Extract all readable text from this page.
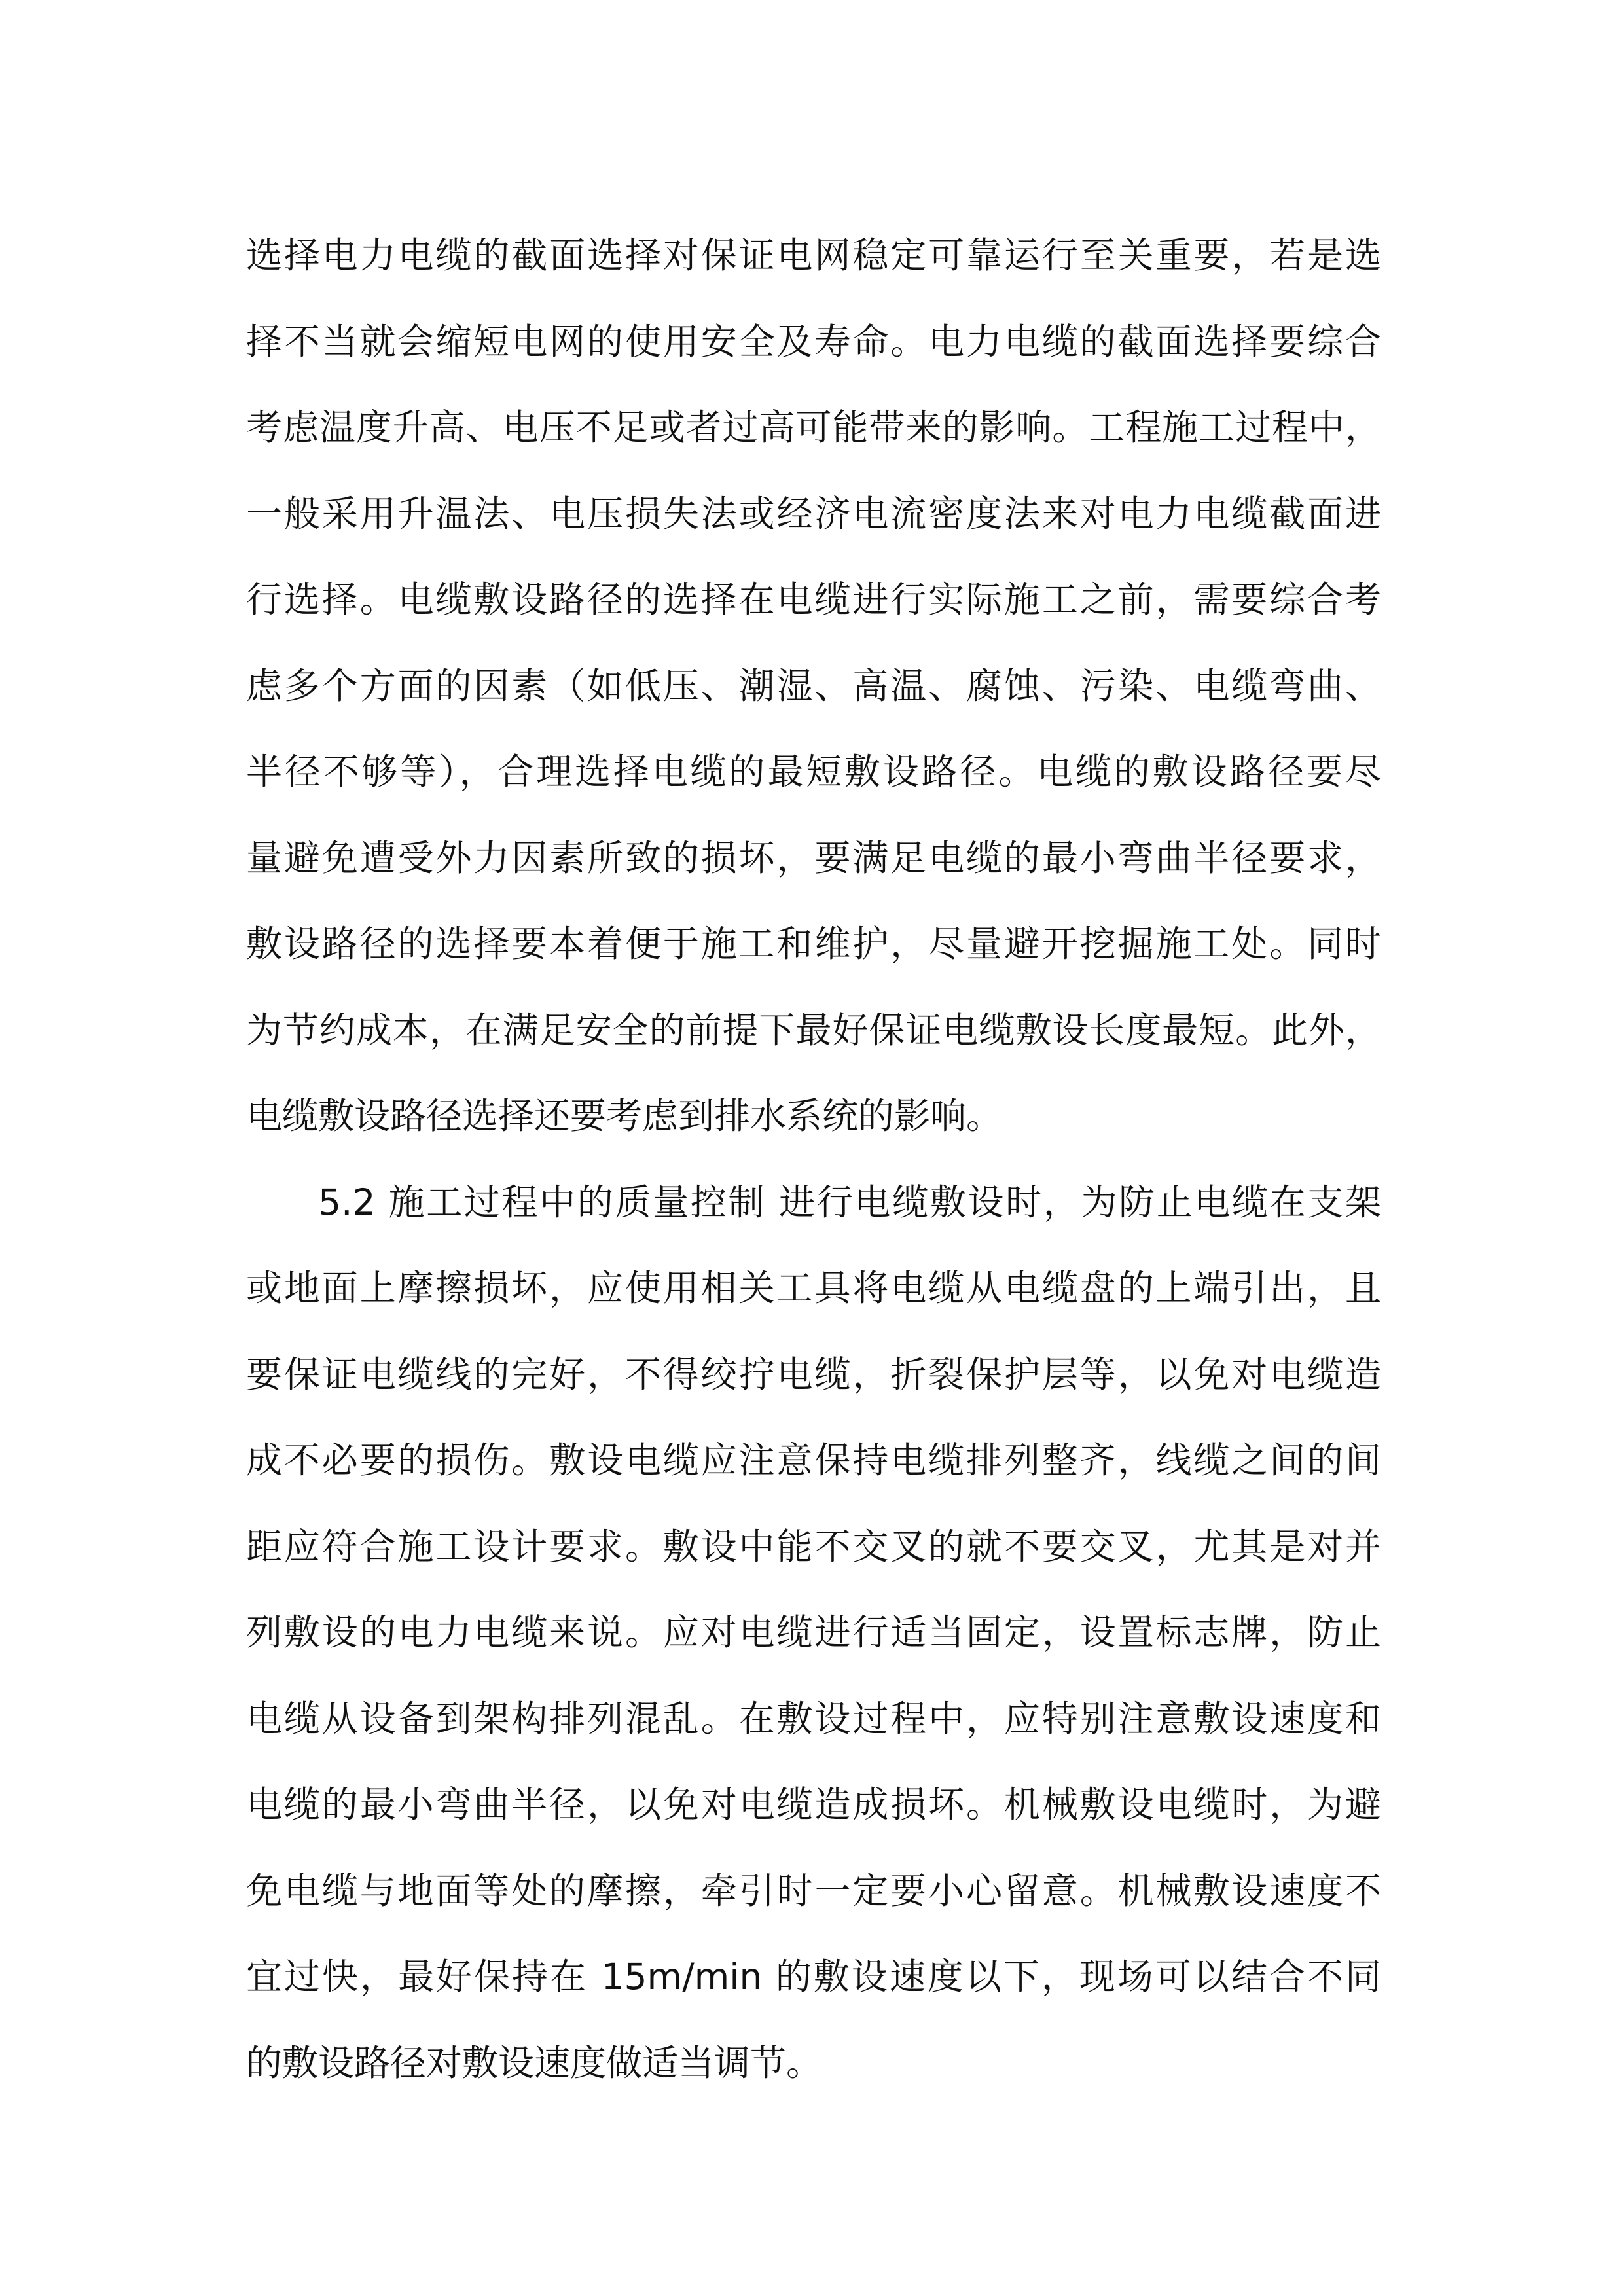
选择电力电缆的截面选择对保证电网稳定可靠运行至关重要，若是选
择不当就会缩短电网的使用安全及寿命。电力电缆的截面选择要综合
考虑温度升高、电压不足或者过高可能带来的影响。工程施工过程中，
一般采用升温法、电压损失法或经济电流密度法来对电力电缆截面进
行选择。电缆敷设路径的选择在电缆进行实际施工之前，需要综合考
虑多个方面的因素（如低压、潮湿、高温、腐蚀、污染、电缆弯曲、
半径不够等），合理选择电缆的最短敷设路径。电缆的敷设路径要尽
量避免遭受外力因素所致的损坏，要满足电缆的最小弯曲半径要求，
敷设路径的选择要本着便于施工和维护，尽量避开挖掘施工处。同时
为节约成本，在满足安全的前提下最好保证电缆敷设长度最短。此外，
电缆敷设路径选择还要考虑到排水系统的影响。
5.2 施工过程中的质量控制 进行电缆敷设时，为防止电缆在支架
或地面上摩擦损坏，应使用相关工具将电缆从电缆盘的上端引出，且
要保证电缆线的完好，不得绞拧电缆，折裂保护层等，以免对电缆造
成不必要的损伤。敷设电缆应注意保持电缆排列整齐，线缆之间的间
距应符合施工设计要求。敷设中能不交叉的就不要交叉，尤其是对并
列敷设的电力电缆来说。应对电缆进行适当固定，设置标志牌，防止
电缆从设备到架构排列混乱。在敷设过程中，应特别注意敷设速度和
电缆的最小弯曲半径，以免对电缆造成损坏。机械敷设电缆时，为避
免电缆与地面等处的摩擦，牵引时一定要小心留意。机械敷设速度不
宜过快，最好保持在 15m/min 的敷设速度以下，现场可以结合不同
的敷设路径对敷设速度做适当调节。
